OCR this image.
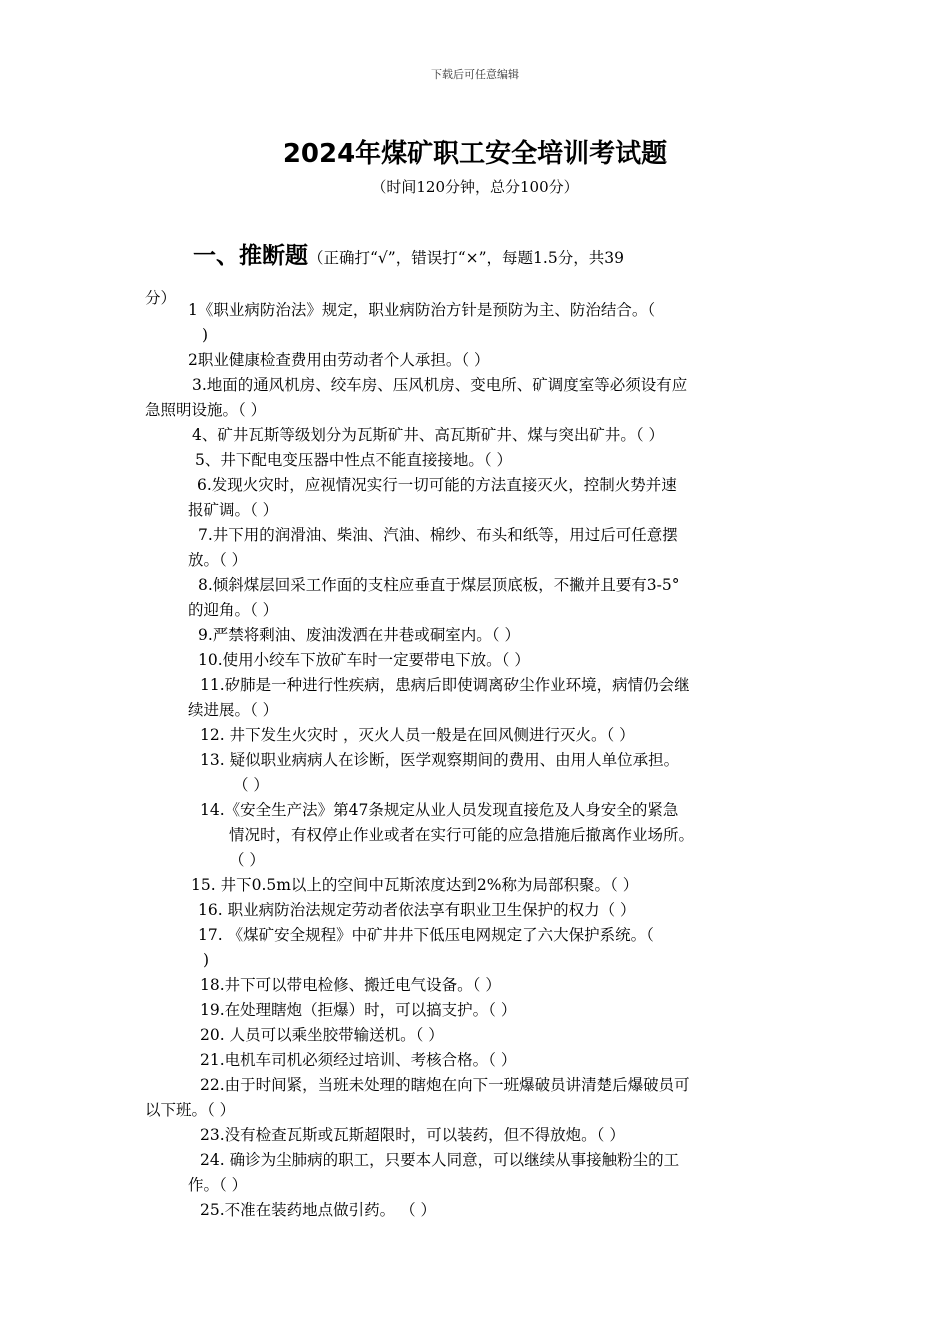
下载后可任意编辑
2024年煤矿职工安全培训考试题
（时间120分钟，总分100分）
一、推断题（正确打“√”，错误打“×”，每题1.5分，共39
分）
1《职业病防治法》规定，职业病防治方针是预防为主、防治结合。（
)
2职业健康检查费用由劳动者个人承担。（ ）
3.地面的通风机房、绞车房、压风机房、变电所、矿调度室等必须设有应
急照明设施。（ ）
4、矿井瓦斯等级划分为瓦斯矿井、高瓦斯矿井、煤与突出矿井。（ ）
5、井下配电变压器中性点不能直接接地。（ ）
6.发现火灾时，应视情况实行一切可能的方法直接灭火，控制火势并速
报矿调。（ ）
7.井下用的润滑油、柴油、汽油、棉纱、布头和纸等，用过后可任意摆
放。（ ）
8.倾斜煤层回采工作面的支柱应垂直于煤层顶底板，不撇并且要有3-5°
的迎角。（ ）
9.严禁将剩油、废油泼洒在井巷或硐室内。（ ）
10.使用小绞车下放矿车时一定要带电下放。（ ）
11.矽肺是一种进行性疾病，患病后即使调离矽尘作业环境，病情仍会继
续进展。（ ）
12. 井下发生火灾时 ，灭火人员一般是在回风侧进行灭火。（ ）
13. 疑似职业病病人在诊断，医学观察期间的费用、由用人单位承担。
（ ）
14.《安全生产法》第47条规定从业人员发现直接危及人身安全的紧急
情况时，有权停止作业或者在实行可能的应急措施后撤离作业场所。
（ ）
15. 井下0.5m以上的空间中瓦斯浓度达到2%称为局部积聚。（ ）
16. 职业病防治法规定劳动者依法享有职业卫生保护的权力（ ）
17. 《煤矿安全规程》中矿井井下低压电网规定了六大保护系统。（
)
18.井下可以带电检修、搬迁电气设备。（ ）
19.在处理瞎炮（拒爆）时，可以搞支护。（ ）
20. 人员可以乘坐胶带输送机。（ ）
21.电机车司机必须经过培训、考核合格。（ ）
22.由于时间紧，当班未处理的瞎炮在向下一班爆破员讲清楚后爆破员可
以下班。（ ）
23.没有检查瓦斯或瓦斯超限时，可以装药，但不得放炮。（ ）
24. 确诊为尘肺病的职工，只要本人同意，可以继续从事接触粉尘的工
作。（ ）
25.不准在装药地点做引药。 （ ）
